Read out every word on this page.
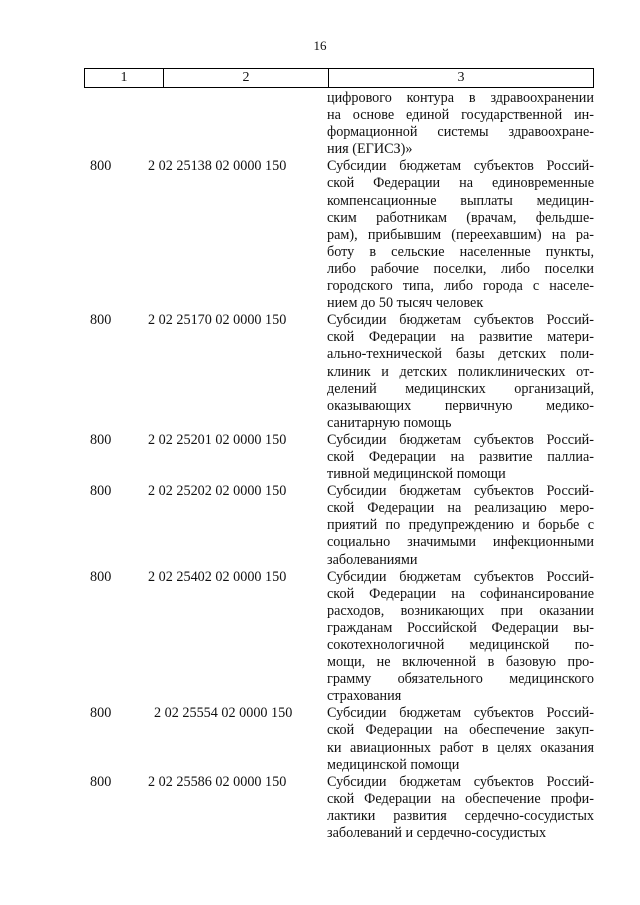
16
1	2	3
цифрового контура в здравоохранении
на основе единой государственной ин-
формационной системы здравоохране-
ния (ЕГИСЗ)»
800	2 02 25138 02 0000 150	Субсидии бюджетам субъектов Россий-
ской Федерации на единовременные
компенсационные выплаты медицин-
ским работникам (врачам, фельдше-
рам), прибывшим (переехавшим) на ра-
боту в сельские населенные пункты,
либо рабочие поселки, либо поселки
городского типа, либо города с населе-
нием до 50 тысяч человек
800	2 02 25170 02 0000 150	Субсидии бюджетам субъектов Россий-
ской Федерации на развитие матери-
ально-технической базы детских поли-
клиник и детских поликлинических от-
делений медицинских организаций,
оказывающих первичную медико-
санитарную помощь
800	2 02 25201 02 0000 150	Субсидии бюджетам субъектов Россий-
ской Федерации на развитие паллиа-
тивной медицинской помощи
800	2 02 25202 02 0000 150	Субсидии бюджетам субъектов Россий-
ской Федерации на реализацию меро-
приятий по предупреждению и борьбе с
социально значимыми инфекционными
заболеваниями
800	2 02 25402 02 0000 150	Субсидии бюджетам субъектов Россий-
ской Федерации на софинансирование
расходов, возникающих при оказании
гражданам Российской Федерации вы-
сокотехнологичной медицинской по-
мощи, не включенной в базовую про-
грамму обязательного медицинского
страхования
800	2 02 25554 02 0000 150	Субсидии бюджетам субъектов Россий-
ской Федерации на обеспечение закуп-
ки авиационных работ в целях оказания
медицинской помощи
800	2 02 25586 02 0000 150	Субсидии бюджетам субъектов Россий-
ской Федерации на обеспечение профи-
лактики развития сердечно-сосудистых
заболеваний и сердечно-сосудистых
